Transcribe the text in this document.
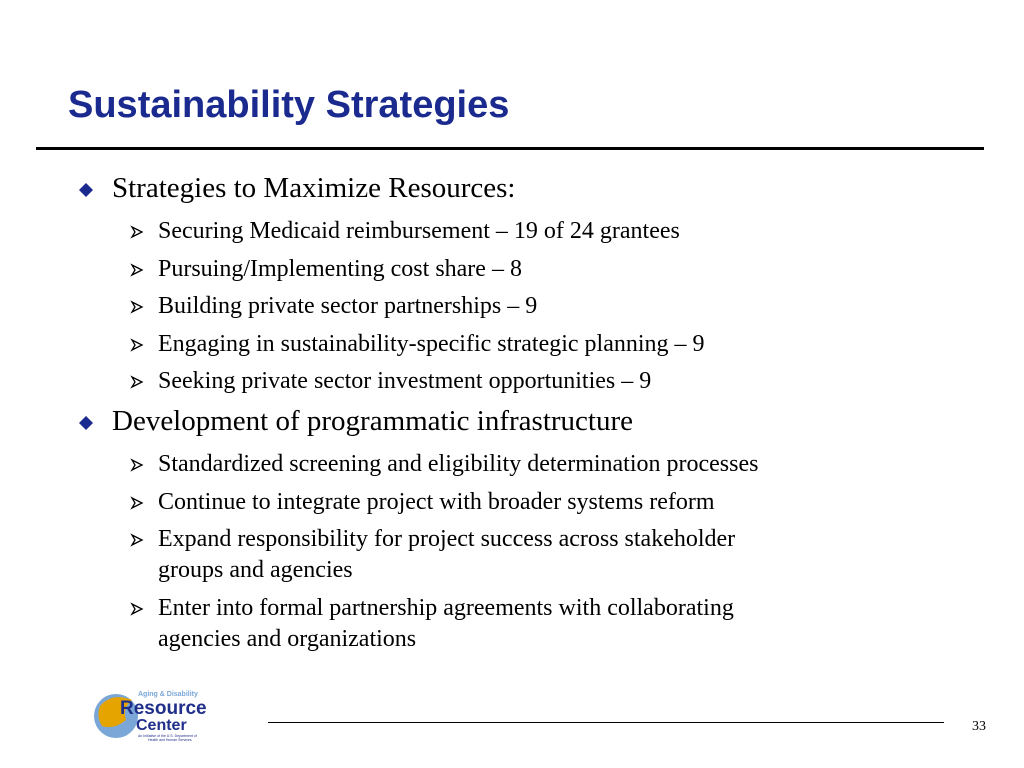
Sustainability Strategies
Strategies to Maximize Resources:
Securing Medicaid reimbursement – 19 of 24 grantees
Pursuing/Implementing cost share – 8
Building private sector partnerships – 9
Engaging in sustainability-specific strategic planning – 9
Seeking private sector investment opportunities – 9
Development of programmatic infrastructure
Standardized screening and eligibility determination processes
Continue to integrate project with broader systems reform
Expand responsibility for project success across stakeholder
groups and agencies
Enter into formal partnership agreements with collaborating
agencies and organizations
Aging & Disability
Resource
Center
An Initiative of the U.S. Department of
Health and Human Services
33
